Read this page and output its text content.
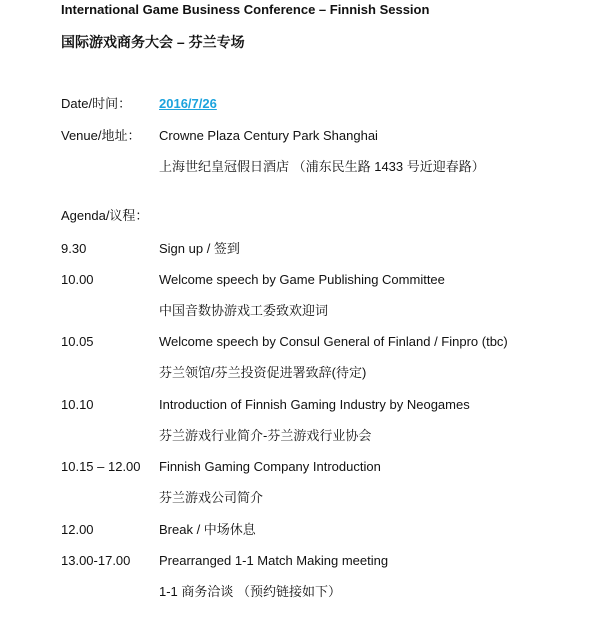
International Game Business Conference – Finnish Session
国际游戏商务大会 – 芬兰专场
Date/时间： 2016/7/26
Venue/地址： Crowne Plaza Century Park Shanghai
上海世纪皇冠假日酒店 （浦东民生路 1433 号近迎春路）
Agenda/议程：
9.30	Sign up / 签到
10.00	Welcome speech by Game Publishing Committee
中国音数协游戏工委致欢迎词
10.05	Welcome speech by Consul General of Finland / Finpro (tbc)
芬兰领馆/芬兰投资促进署致辞(待定)
10.10	Introduction of Finnish Gaming Industry by Neogames
芬兰游戏行业简介-芬兰游戏行业协会
10.15 – 12.00 Finnish Gaming Company Introduction
芬兰游戏公司简介
12.00	Break / 中场休息
13.00-17.00 Prearranged 1-1 Match Making meeting
1-1 商务洽谈 （预约链接如下）
